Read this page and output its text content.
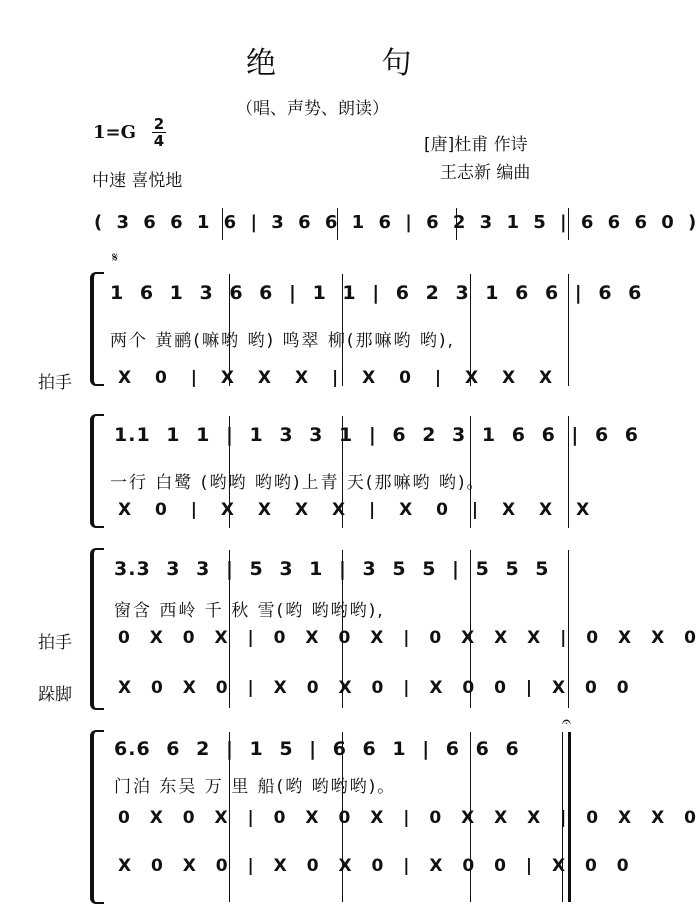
绝 句
（唱、声势、朗读）
1=G 2
4	[唐]杜甫 作诗
王志新 编曲
中速 喜悦地
( 3 6 6 1 6 | 3 6 6 1 6 | 6 2 3 1 5 | 6 6 6 0 )
𝄋
1 6 1 3 6 6 | 1 1 | 6 2 3 1 6 6 | 6 6
两个 黄鹂(嘛哟 哟) 鸣翠 柳(那嘛哟 哟),
拍手	X 0 | X X X | X 0 | X X X
1.1 1 1 | 1 3 3 1 | 6 2 3 1 6 6 | 6 6
一行 白鹭 (哟哟 哟哟)上青 天(那嘛哟 哟)。
X 0 | X X X X | X 0 | X X X
3.3 3 3 | 5 3 1 | 3 5 5 | 5 5 5
窗含 西岭 千 秋 雪(哟 哟哟哟),
拍手	0 X 0 X | 0 X 0 X | 0 X X X | 0 X X 0
跺脚	X 0 X 0 | X 0 X 0 | X 0 0 | X 0 0
𝄐
6.6 6 2 | 1 5 | 6 6 1 | 6 6 6
门泊 东吴 万 里 船(哟 哟哟哟)。
0 X 0 X | 0 X 0 X | 0 X X X | 0 X X 0
X 0 X 0 | X 0 X 0 | X 0 0 | X 0 0
